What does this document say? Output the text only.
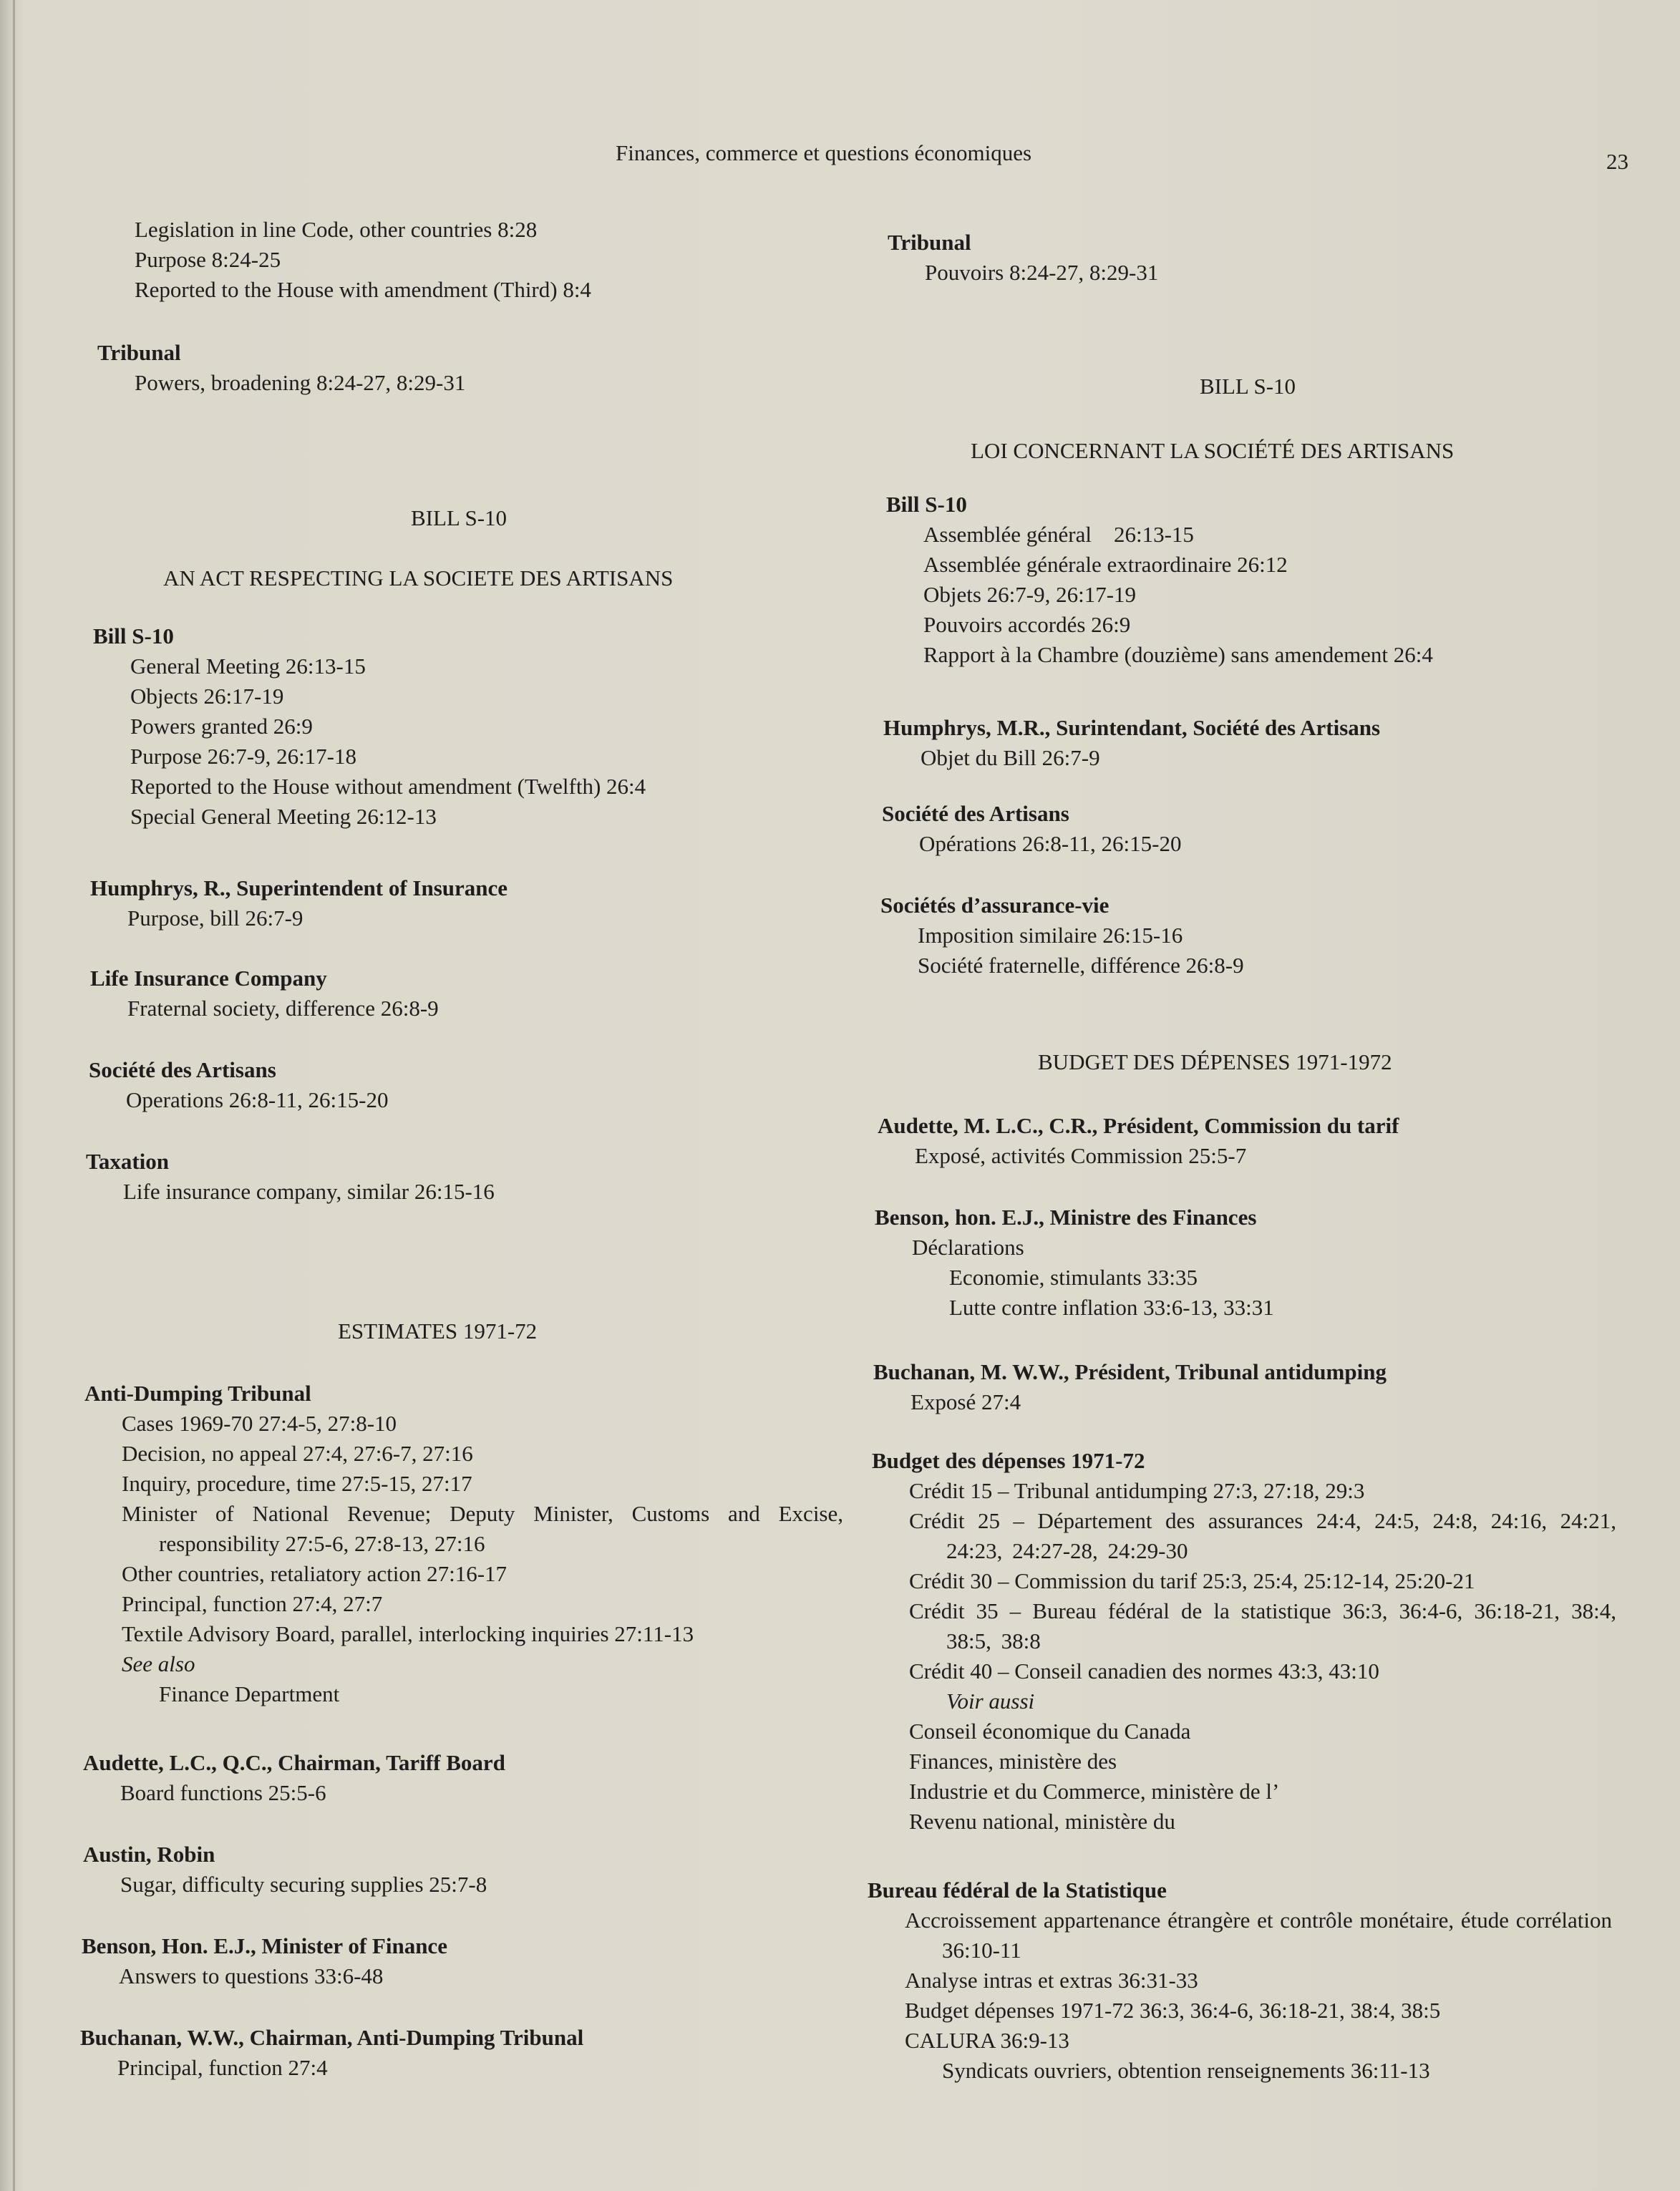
Finances, commerce et questions économiques	23
Legislation in line Code, other countries 8:28
Purpose 8:24-25
Reported to the House with amendment (Third) 8:4
Tribunal
Powers, broadening 8:24-27, 8:29-31
BILL S-10
AN ACT RESPECTING LA SOCIETE DES ARTISANS
Bill S-10
General Meeting 26:13-15
Objects 26:17-19
Powers granted 26:9
Purpose 26:7-9, 26:17-18
Reported to the House without amendment (Twelfth) 26:4
Special General Meeting 26:12-13
Humphrys, R., Superintendent of Insurance
Purpose, bill 26:7-9
Life Insurance Company
Fraternal society, difference 26:8-9
Société des Artisans
Operations 26:8-11, 26:15-20
Taxation
Life insurance company, similar 26:15-16
ESTIMATES 1971-72
Anti-Dumping Tribunal
Cases 1969-70 27:4-5, 27:8-10
Decision, no appeal 27:4, 27:6-7, 27:16
Inquiry, procedure, time 27:5-15, 27:17
Minister of National Revenue; Deputy Minister, Customs and Excise, responsibility 27:5-6, 27:8-13, 27:16
Other countries, retaliatory action 27:16-17
Principal, function 27:4, 27:7
Textile Advisory Board, parallel, interlocking inquiries 27:11-13
See also
Finance Department
Audette, L.C., Q.C., Chairman, Tariff Board
Board functions 25:5-6
Austin, Robin
Sugar, difficulty securing supplies 25:7-8
Benson, Hon. E.J., Minister of Finance
Answers to questions 33:6-48
Buchanan, W.W., Chairman, Anti-Dumping Tribunal
Principal, function 27:4
Tribunal
Pouvoirs 8:24-27, 8:29-31
BILL S-10
LOI CONCERNANT LA SOCIÉTÉ DES ARTISANS
Bill S-10
Assemblée général    26:13-15
Assemblée générale extraordinaire 26:12
Objets 26:7-9, 26:17-19
Pouvoirs accordés 26:9
Rapport à la Chambre (douzième) sans amendement 26:4
Humphrys, M.R., Surintendant, Société des Artisans
Objet du Bill 26:7-9
Société des Artisans
Opérations 26:8-11, 26:15-20
Sociétés d’assurance-vie
Imposition similaire 26:15-16
Société fraternelle, différence 26:8-9
BUDGET DES DÉPENSES 1971-1972
Audette, M. L.C., C.R., Président, Commission du tarif
Exposé, activités Commission 25:5-7
Benson, hon. E.J., Ministre des Finances
Déclarations
Economie, stimulants 33:35
Lutte contre inflation 33:6-13, 33:31
Buchanan, M. W.W., Président, Tribunal antidumping
Exposé 27:4
Budget des dépenses 1971-72
Crédit 15 – Tribunal antidumping 27:3, 27:18, 29:3
Crédit 25 – Département des assurances 24:4, 24:5, 24:8, 24:16, 24:21, 24:23, 24:27-28, 24:29-30
Crédit 30 – Commission du tarif 25:3, 25:4, 25:12-14, 25:20-21
Crédit 35 – Bureau fédéral de la statistique 36:3, 36:4-6, 36:18-21, 38:4, 38:5, 38:8
Crédit 40 – Conseil canadien des normes 43:3, 43:10
Voir aussi
Conseil économique du Canada
Finances, ministère des
Industrie et du Commerce, ministère de l’
Revenu national, ministère du
Bureau fédéral de la Statistique
Accroissement appartenance étrangère et contrôle monétaire, étude corrélation 36:10-11
Analyse intras et extras 36:31-33
Budget dépenses 1971-72 36:3, 36:4-6, 36:18-21, 38:4, 38:5
CALURA 36:9-13
Syndicats ouvriers, obtention renseignements 36:11-13
